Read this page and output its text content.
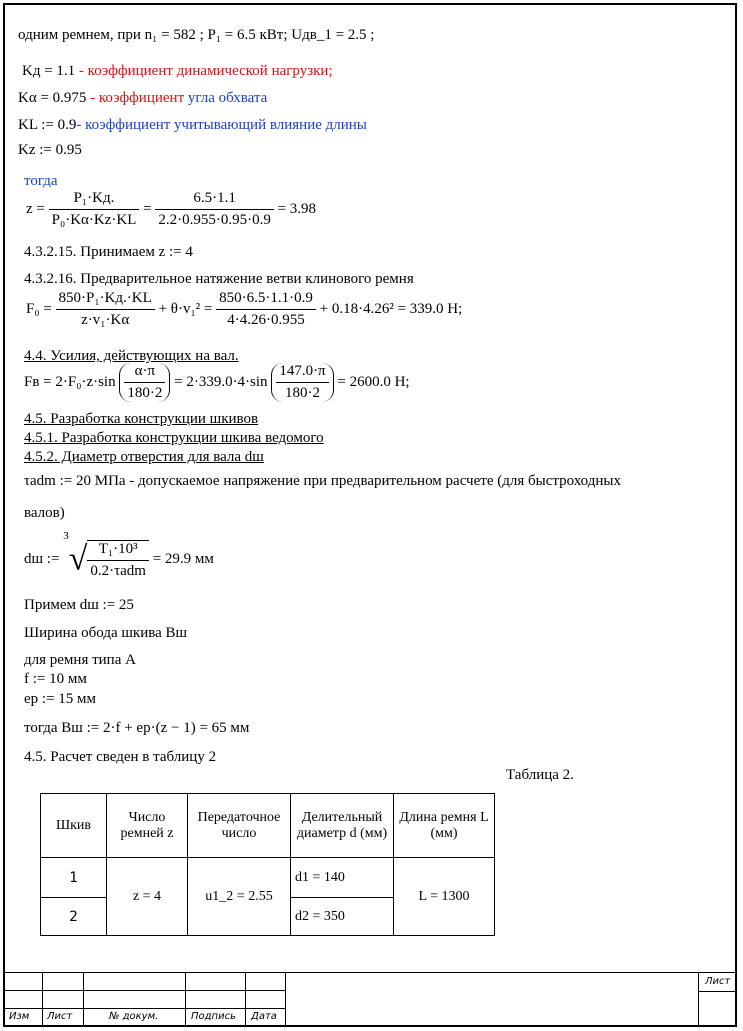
одним ремнем, при n₁ = 582 ; P₁ = 6.5 кВт; Uдв_1 = 2.5 ;
Kд = 1.1 - коэффициент динамической нагрузки;
Kα = 0.975 - коэффициент угла обхвата
KL := 0.9- коэффициент учитывающий влияние длины
Kz := 0.95
тогда
$z = \frac{\text{P₁·Kд.}}{\text{P₀·Kα·Kz·KL}} = \frac{6.5\cdot 1.1}{2.2\cdot 0.955\cdot 0.95\cdot 0.9} = 3.98$
4.3.2.15. Принимаем z := 4
4.3.2.16. Предварительное натяжение ветви клинового ремня
$F_0 = \frac{\text{850·P₁·Kд.·KL}}{\text{z·v₁·Kα}} + \theta\cdot v_1^2 = \frac{850\cdot 6.5\cdot 1.1\cdot 0.9}{4\cdot 4.26\cdot 0.955} + 0.18\cdot 4.26^2 = 339.0$ Н;
4.4. Усилия, действующих на вал.
Fв = $2\cdot F_0\cdot z\cdot\sin \frac{\alpha\cdot\pi}{180\cdot 2} = 2\cdot 339.0\cdot 4\cdot\sin \frac{147.0\cdot\pi}{180\cdot 2} = 2600.0$ Н;
4.5. Разработка конструкции шкивов
4.5.1. Разработка конструкции шкива ведомого
4.5.2. Диаметр отверстия для вала dш
τadm := 20 МПа - допускаемое напряжение при предварительном расчете (для быстроходных
валов)
dш := $^3√ \frac{\text{T₁·10³}}{\text{0.2·τadm}} = 29.9$ мм
Примем dш := 25
Ширина обода шкива Bш
для ремня типа A
f := 10 мм
ep := 15 мм
тогда Bш := 2·f + ep·(z − 1) = 65 мм
4.5. Расчет сведен в таблицу 2
Таблица 2.
Шкив	Число ремней z	Передаточное число	Делительный диаметр d (мм)	Длина ремня L (мм)
1	z = 4	u1_2 = 2.55	d1 = 140	L = 1300
2			d2 = 350	
Изм Лист	№ докум.	Подпись Дата
Лист
